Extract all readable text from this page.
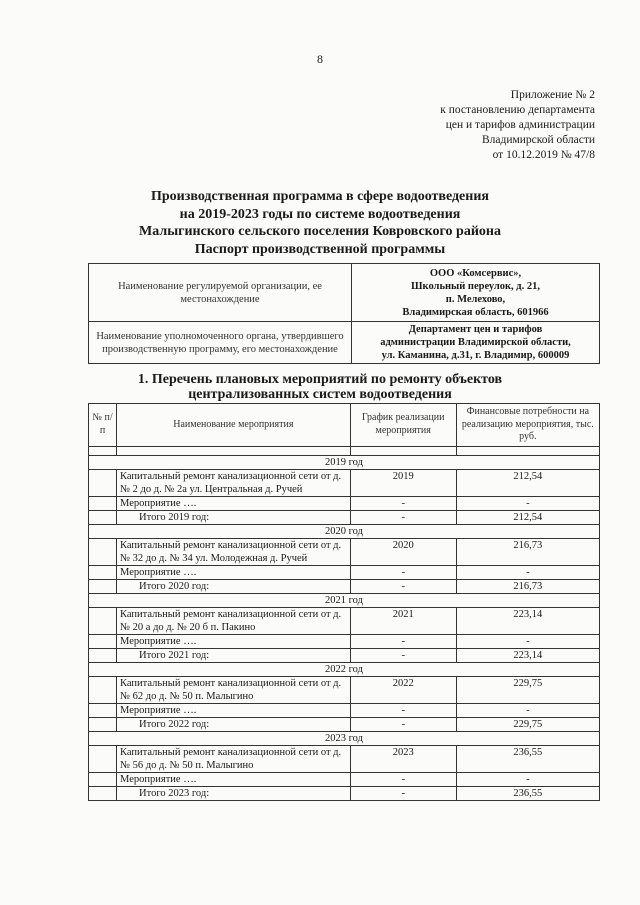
8
Приложение № 2
к постановлению департамента
цен и тарифов администрации
Владимирской области
от 10.12.2019 № 47/8
Производственная программа в сфере водоотведения
на 2019-2023 годы по системе водоотведения
Малыгинского сельского поселения Ковровского района
Паспорт производственной программы
Наименование регулируемой организации, ее местонахождение	ООО «Комсервис»,
Школьный переулок, д. 21,
п. Мелехово,
Владимирская область, 601966

Наименование уполномоченного органа, утвердившего производственную программу, его местонахождение	Департамент цен и тарифов
администрации Владимирской области,
ул. Каманина, д.31, г. Владимир, 600009
1. Перечень плановых мероприятий по ремонту объектов
централизованных систем водоотведения
№ п/п	Наименование мероприятия	График реализации мероприятия	Финансовые потребности на реализацию мероприятия, тыс. руб.

2019 год			
	Капитальный ремонт канализационной сети от д. № 2 до д. № 2а ул. Центральная д. Ручей	2019	212,54
	Мероприятие ….	-	-
	Итого 2019 год:	-	212,54
2020 год			
	Капитальный ремонт канализационной сети от д. № 32 до д. № 34 ул. Молодежная д. Ручей	2020	216,73
	Мероприятие ….	-	-
	Итого 2020 год:	-	216,73
2021 год			
	Капитальный ремонт канализационной сети от д. № 20 а до д. № 20 б п. Пакино	2021	223,14
	Мероприятие ….	-	-
	Итого 2021 год:	-	223,14
2022 год			
	Капитальный ремонт канализационной сети от д. № 62 до д. № 50 п. Малыгино	2022	229,75
	Мероприятие ….	-	-
	Итого 2022 год:	-	229,75
2023 год			
	Капитальный ремонт канализационной сети от д. № 56 до д. № 50 п. Малыгино	2023	236,55
	Мероприятие ….	-	-
	Итого 2023 год:	-	236,55
